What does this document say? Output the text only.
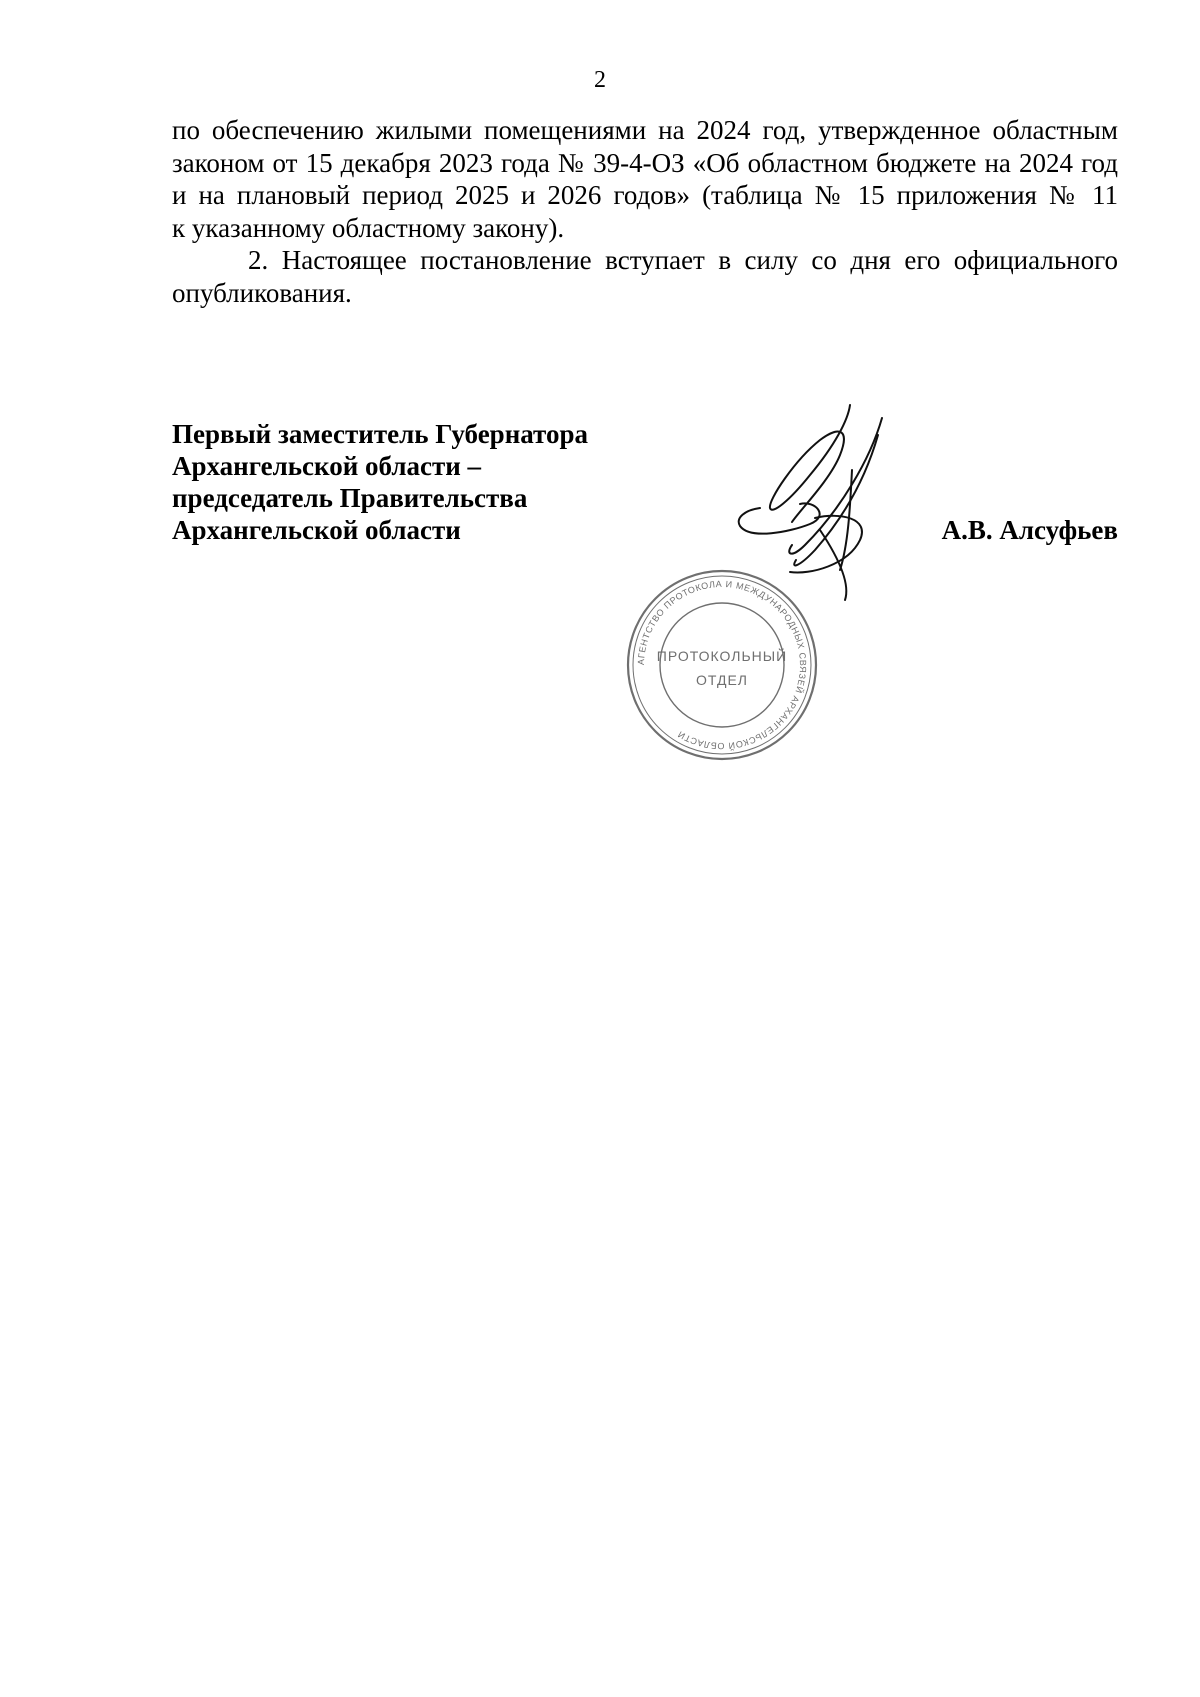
2
по обеспечению жилыми помещениями на 2024 год, утвержденное областным
законом от 15 декабря 2023 года № 39-4-ОЗ «Об областном бюджете на 2024 год
и на плановый период 2025 и 2026 годов» (таблица № 15 приложения № 11
к указанному областному закону).
2. Настоящее постановление вступает в силу со дня его официального
опубликования.
Первый заместитель Губернатора
Архангельской области –
председатель Правительства
Архангельской области	А.В. Алсуфьев
АГЕНТСТВО ПРОТОКОЛА И МЕЖДУНАРОДНЫХ СВЯЗЕЙ АРХАНГЕЛЬСКОЙ ОБЛАСТИ
ПРОТОКОЛЬНЫЙ
ОТДЕЛ
